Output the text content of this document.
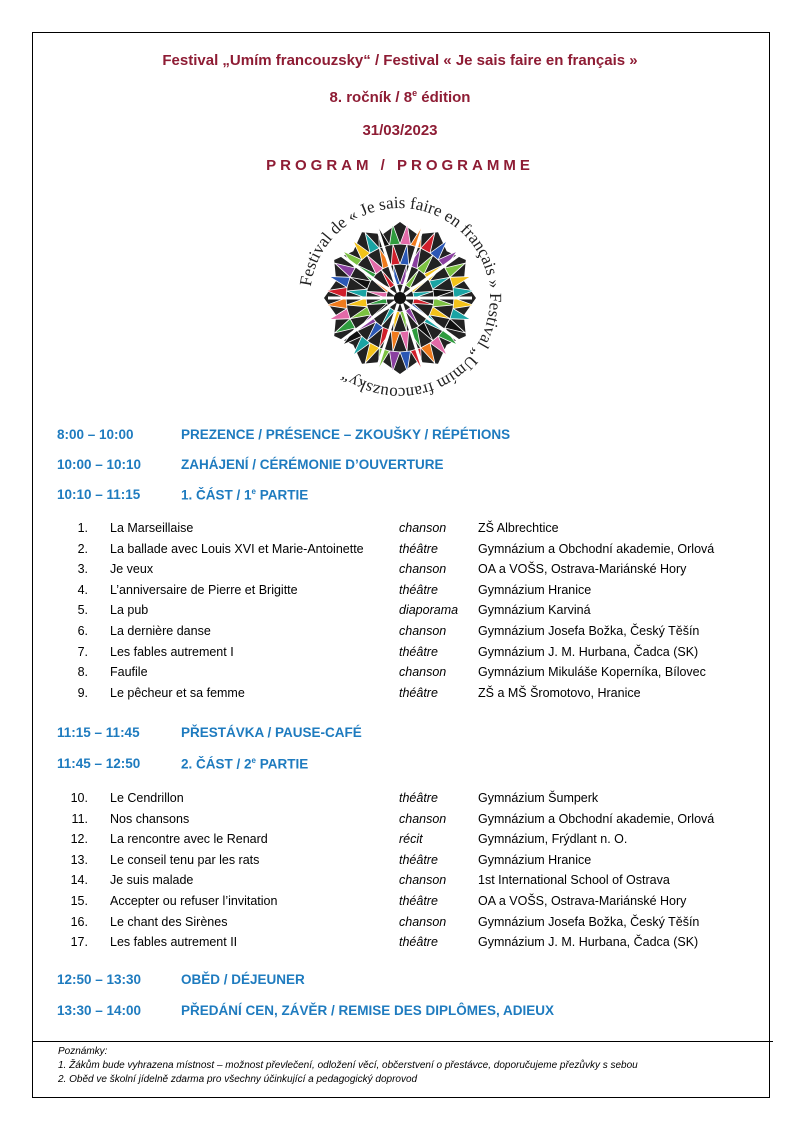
Festival „Umím francouzsky“ / Festival « Je sais faire en français »
8. ročník / 8e édition
31/03/2023
PROGRAM / PROGRAMME
Festival de « Je sais faire en français » Festival „Umím francouzsky“
8:00 – 10:00	PREZENCE / PRÉSENCE – ZKOUŠKY / RÉPÉTIONS
10:00 – 10:10	ZAHÁJENÍ / CÉRÉMONIE D’OUVERTURE
10:10 – 11:15	1. ČÁST / 1e PARTIE
11:15 – 11:45	PŘESTÁVKA / PAUSE-CAFÉ
11:45 – 12:50	2. ČÁST / 2e PARTIE
12:50 – 13:30	OBĚD / DÉJEUNER
13:30 – 14:00	PŘEDÁNÍ CEN, ZÁVĚR / REMISE DES DIPLÔMES, ADIEUX
1. La Marseillaise	chanson	ZŠ Albrechtice
2. La ballade avec Louis XVI et Marie-Antoinette	théâtre	Gymnázium a Obchodní akademie, Orlová
3. Je veux	chanson	OA a VOŠS, Ostrava-Mariánské Hory
4. L’anniversaire de Pierre et Brigitte	théâtre	Gymnázium Hranice
5. La pub	diaporama Gymnázium Karviná
6. La dernière danse	chanson	Gymnázium Josefa Božka, Český Těšín
7. Les fables autrement I	théâtre	Gymnázium J. M. Hurbana, Čadca (SK)
8. Faufile	chanson	Gymnázium Mikuláše Koperníka, Bílovec
9. Le pêcheur et sa femme	théâtre	ZŠ a MŠ Šromotovo, Hranice
10. Le Cendrillon	théâtre	Gymnázium Šumperk
11. Nos chansons	chanson	Gymnázium a Obchodní akademie, Orlová
12. La rencontre avec le Renard	récit	Gymnázium, Frýdlant n. O.
13. Le conseil tenu par les rats	théâtre	Gymnázium Hranice
14. Je suis malade	chanson	1st International School of Ostrava
15. Accepter ou refuser l’invitation	théâtre	OA a VOŠS, Ostrava-Mariánské Hory
16. Le chant des Sirènes	chanson	Gymnázium Josefa Božka, Český Těšín
17. Les fables autrement II	théâtre	Gymnázium J. M. Hurbana, Čadca (SK)
Poznámky:
1. Žákům bude vyhrazena místnost – možnost převlečení, odložení věcí, občerstvení o přestávce, doporučujeme přezůvky s sebou
2. Oběd ve školní jídelně zdarma pro všechny účinkující a pedagogický doprovod
